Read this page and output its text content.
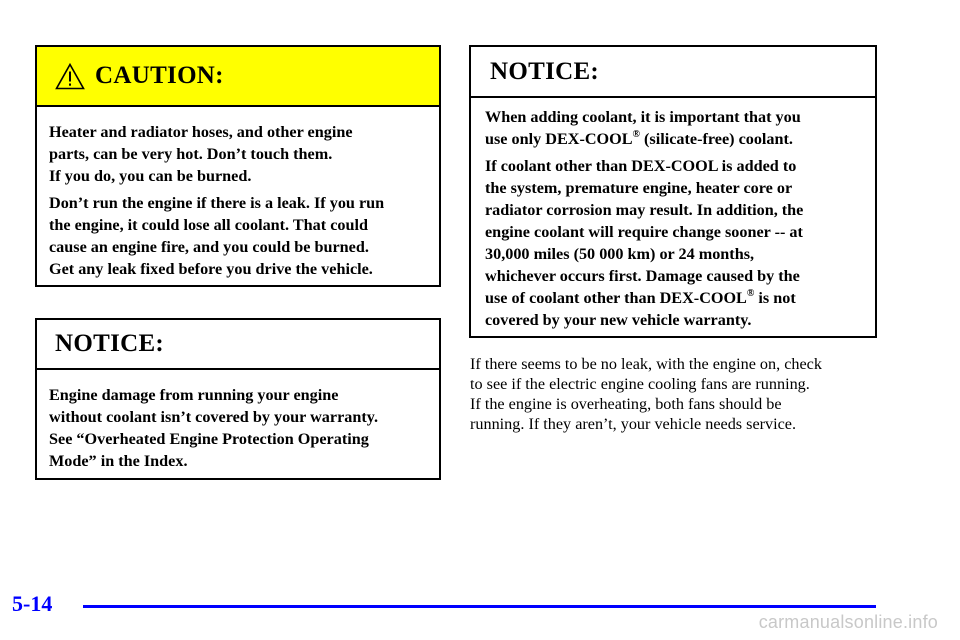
CAUTION:

Heater and radiator hoses, and other engine
parts, can be very hot. Don’t touch them.
If you do, you can be burned.

Don’t run the engine if there is a leak. If you run
the engine, it could lose all coolant. That could
cause an engine fire, and you could be burned.
Get any leak fixed before you drive the vehicle.

NOTICE:

Engine damage from running your engine
without coolant isn’t covered by your warranty.
See “Overheated Engine Protection Operating
Mode” in the Index.

NOTICE:

When adding coolant, it is important that you
use only DEX-COOL® (silicate-free) coolant.

If coolant other than DEX-COOL is added to
the system, premature engine, heater core or
radiator corrosion may result. In addition, the
engine coolant will require change sooner -- at
30,000 miles (50 000 km) or 24 months,
whichever occurs first. Damage caused by the
use of coolant other than DEX-COOL® is not
covered by your new vehicle warranty.

If there seems to be no leak, with the engine on, check
to see if the electric engine cooling fans are running.
If the engine is overheating, both fans should be
running. If they aren’t, your vehicle needs service.
5-14
carmanualsonline.info
